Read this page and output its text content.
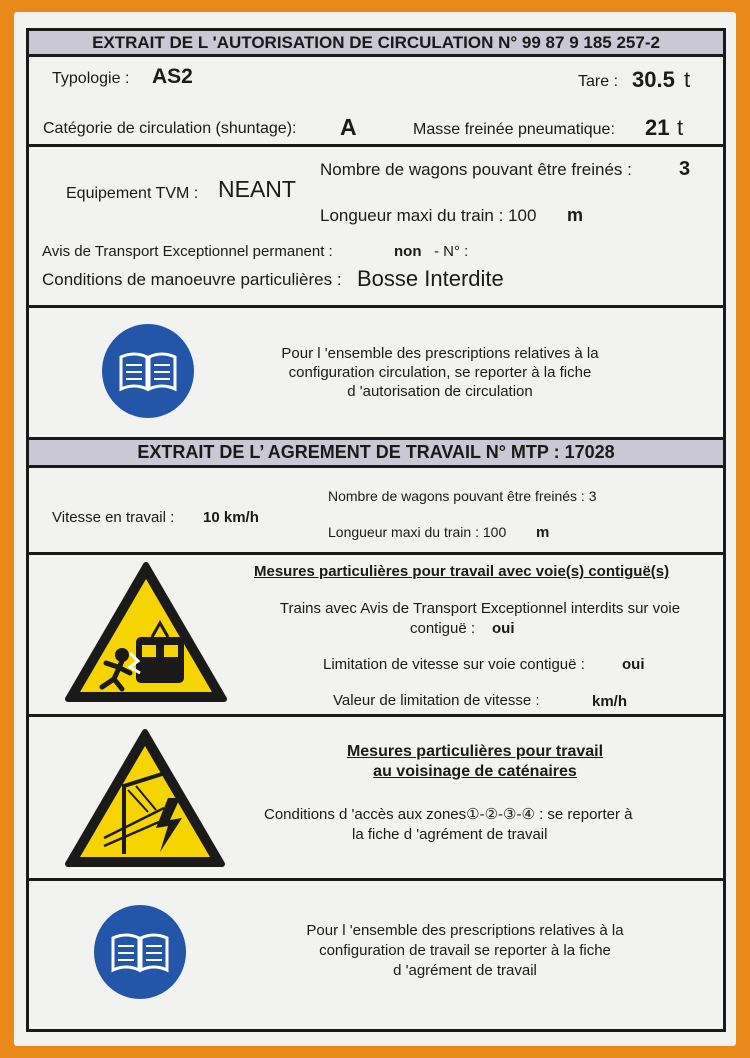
EXTRAIT DE L 'AUTORISATION DE CIRCULATION N° 99 87 9 185 257-2
Typologie : AS2	Tare : 30.5 t
Catégorie de circulation (shuntage): A	Masse freinée pneumatique: 21 t
Nombre de wagons pouvant être freinés : 3
Equipement TVM : NEANT
Longueur maxi du train : 100 m
Avis de Transport Exceptionnel permanent :	non - N° :
Conditions de manoeuvre particulières : Bosse Interdite
Pour l 'ensemble des prescriptions relatives à la
configuration circulation, se reporter à la fiche
d 'autorisation de circulation
EXTRAIT DE L’ AGREMENT DE TRAVAIL N° MTP : 17028
Nombre de wagons pouvant être freinés : 3
Vitesse en travail : 10 km/h
Longueur maxi du train : 100 m
Mesures particulières pour travail avec voie(s) contiguë(s)
Trains avec Avis de Transport Exceptionnel interdits sur voie
contiguë : oui
Limitation de vitesse sur voie contiguë : oui
Valeur de limitation de vitesse :	km/h
Mesures particulières pour travail
au voisinage de caténaires
Conditions d 'accès aux zones①-②-③-④ : se reporter à
la fiche d 'agrément de travail
Pour l 'ensemble des prescriptions relatives à la
configuration de travail se reporter à la fiche
d 'agrément de travail
